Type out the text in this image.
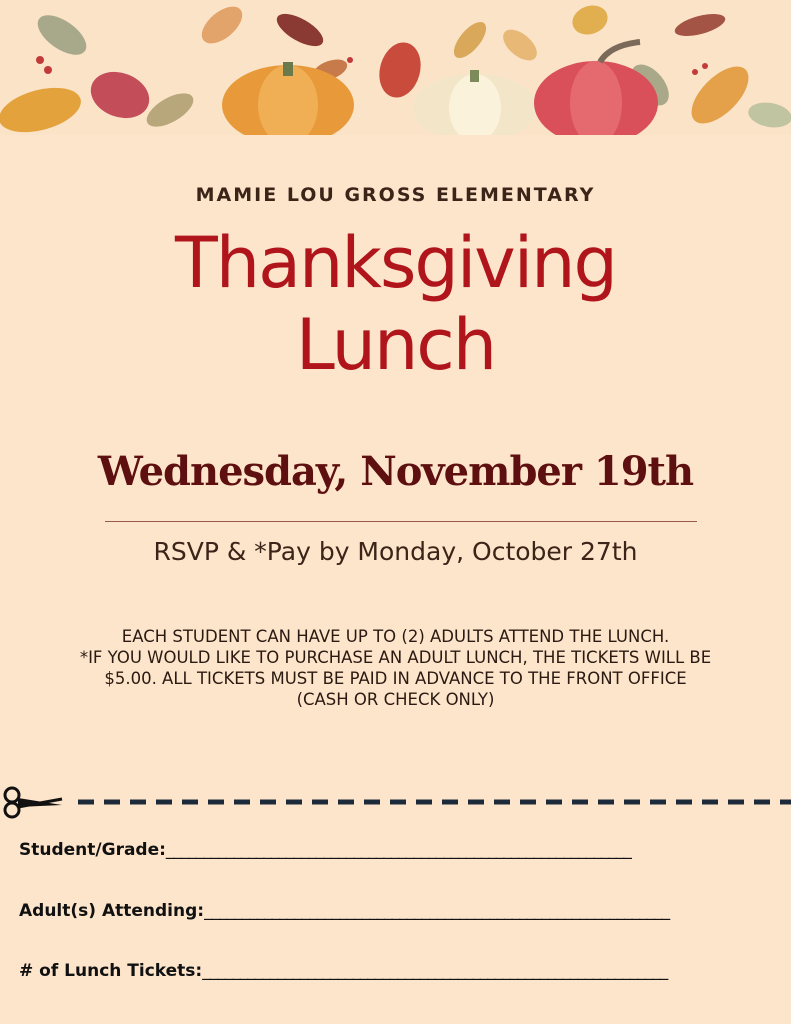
MAMIE LOU GROSS ELEMENTARY
Thanksgiving
Lunch
Wednesday, November 19th
RSVP & *Pay by Monday, October 27th
EACH STUDENT CAN HAVE UP TO (2) ADULTS ATTEND THE LUNCH.
*IF YOU WOULD LIKE TO PURCHASE AN ADULT LUNCH, THE TICKETS WILL BE
$5.00. ALL TICKETS MUST BE PAID IN ADVANCE TO THE FRONT OFFICE
(CASH OR CHECK ONLY)
Student/Grade:______________________________________________________________
Adult(s) Attending:______________________________________________________________
# of Lunch Tickets:______________________________________________________________
